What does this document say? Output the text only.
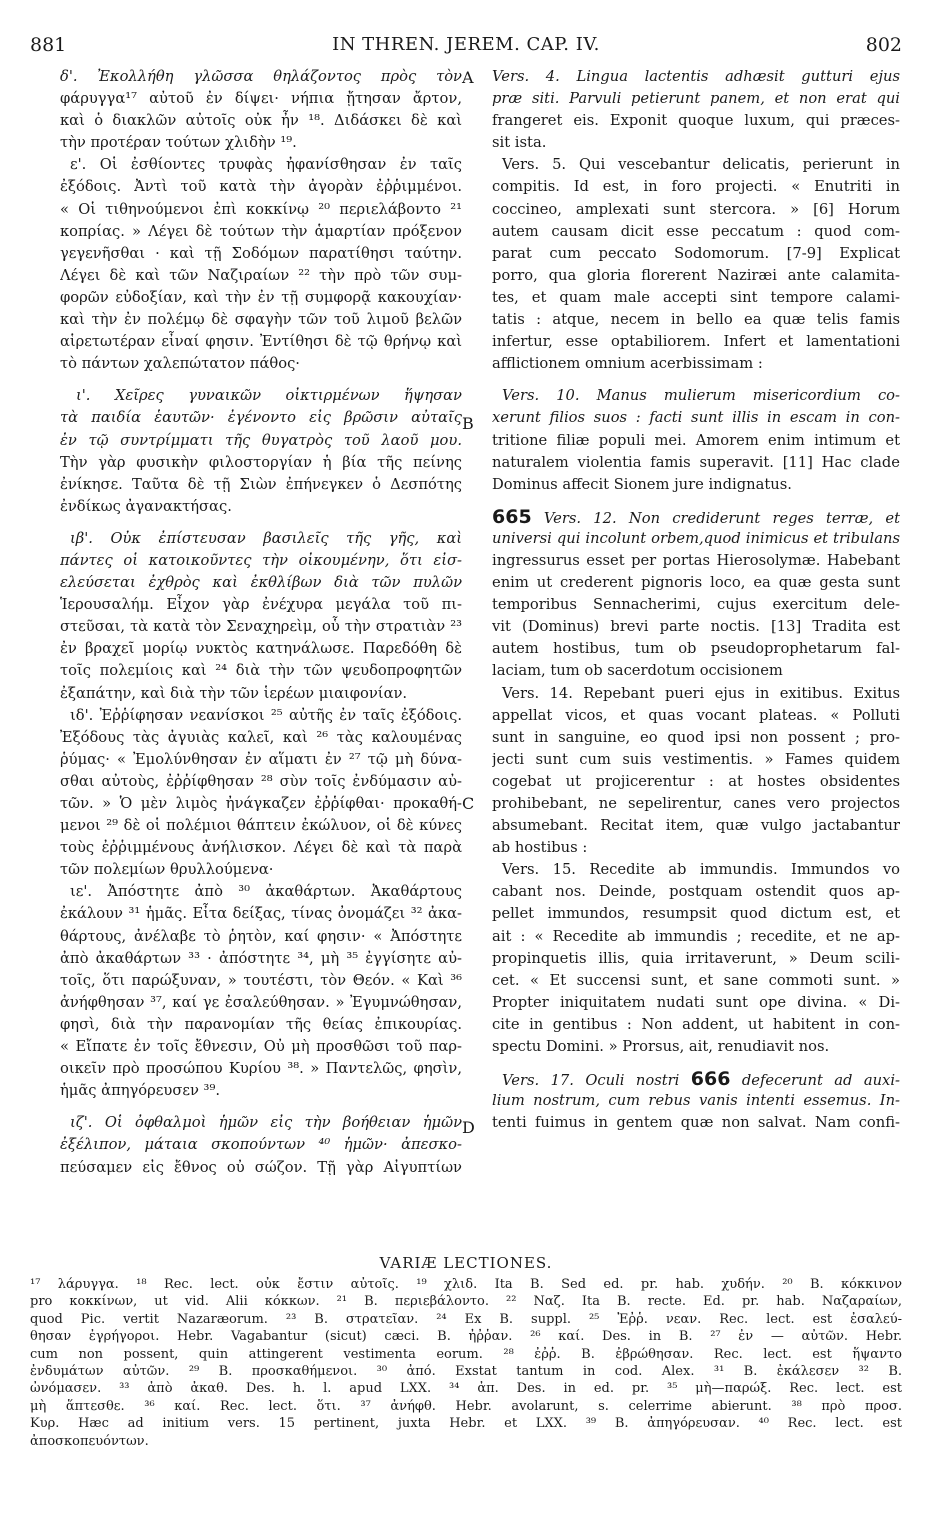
881	IN THREN. JEREM. CAP. IV.	802
A
B
C
D
δ'. Ἐκολλήθη γλῶσσα θηλάζοντος πρὸς τὸν
φάρυγγα¹⁷ αὐτοῦ ἐν δίψει· νήπια ᾔτησαν ἄρτον,
καὶ ὁ διακλῶν αὐτοῖς οὐκ ἦν ¹⁸. Διδάσκει δὲ καὶ
τὴν προτέραν τούτων χλιδὴν ¹⁹.
ε'. Οἱ ἐσθίοντες τρυφὰς ἠφανίσθησαν ἐν ταῖς
ἐξόδοις. Ἀντὶ τοῦ κατὰ τὴν ἀγορὰν ἐῤῥιμμένοι.
« Οἱ τιθηνούμενοι ἐπὶ κοκκίνῳ ²⁰ περιελάβοντο ²¹
κοπρίας. » Λέγει δὲ τούτων τὴν ἁμαρτίαν πρόξενον
γεγενῆσθαι · καὶ τῇ Σοδόμων παρατίθησι ταύτην.
Λέγει δὲ καὶ τῶν Ναζιραίων ²² τὴν πρὸ τῶν συμ-
φορῶν εὐδοξίαν, καὶ τὴν ἐν τῇ συμφορᾷ κακουχίαν·
καὶ τὴν ἐν πολέμῳ δὲ σφαγὴν τῶν τοῦ λιμοῦ βελῶν
αἱρετωτέραν εἶναί φησιν. Ἐντίθησι δὲ τῷ θρήνῳ καὶ
τὸ πάντων χαλεπώτατον πάθος·
ι'. Χεῖρες γυναικῶν οἰκτιρμένων ἥψησαν
τὰ παιδία ἑαυτῶν· ἐγένοντο εἰς βρῶσιν αὐταῖς
ἐν τῷ συντρίμματι τῆς θυγατρὸς τοῦ λαοῦ μου.
Τὴν γὰρ φυσικὴν φιλοστοργίαν ἡ βία τῆς πείνης
ἐνίκησε. Ταῦτα δὲ τῇ Σιὼν ἐπήνεγκεν ὁ Δεσπότης
ἐνδίκως ἀγανακτήσας.
ιβ'. Οὐκ ἐπίστευσαν βασιλεῖς τῆς γῆς, καὶ
πάντες οἱ κατοικοῦντες τὴν οἰκουμένην, ὅτι εἰσ-
ελεύσεται ἐχθρὸς καὶ ἐκθλίβων διὰ τῶν πυλῶν
Ἱερουσαλήμ. Εἶχον γὰρ ἐνέχυρα μεγάλα τοῦ πι-
στεῦσαι, τὰ κατὰ τὸν Σεναχηρεὶμ, οὗ τὴν στρατιὰν ²³
ἐν βραχεῖ μορίῳ νυκτὸς κατηνάλωσε. Παρεδόθη δὲ
τοῖς πολεμίοις καὶ ²⁴ διὰ τὴν τῶν ψευδοπροφητῶν
ἐξαπάτην, καὶ διὰ τὴν τῶν ἱερέων μιαιφονίαν.
ιδ'. Ἐῤῥίφησαν νεανίσκοι ²⁵ αὐτῆς ἐν ταῖς ἐξόδοις.
Ἐξόδους τὰς ἀγυιὰς καλεῖ, καὶ ²⁶ τὰς καλουμένας
ῥύμας· « Ἐμολύνθησαν ἐν αἵματι ἐν ²⁷ τῷ μὴ δύνα-
σθαι αὐτοὺς, ἐῤῥίφθησαν ²⁸ σὺν τοῖς ἐνδύμασιν αὐ-
τῶν. » Ὁ μὲν λιμὸς ἠνάγκαζεν ἐῤῥίφθαι· προκαθή-
μενοι ²⁹ δὲ οἱ πολέμιοι θάπτειν ἐκώλυον, οἱ δὲ κύνες
τοὺς ἐῤῥιμμένους ἀνήλισκον. Λέγει δὲ καὶ τὰ παρὰ
τῶν πολεμίων θρυλλούμενα·
ιε'. Ἀπόστητε ἀπὸ ³⁰ ἀκαθάρτων. Ἀκαθάρτους
ἐκάλουν ³¹ ἡμᾶς. Εἶτα δείξας, τίνας ὀνομάζει ³² ἀκα-
θάρτους, ἀνέλαβε τὸ ῥητὸν, καί φησιν· « Ἀπόστητε
ἀπὸ ἀκαθάρτων ³³ · ἀπόστητε ³⁴, μὴ ³⁵ ἐγγίσητε αὐ-
τοῖς, ὅτι παρώξυναν, » τουτέστι, τὸν Θεόν. « Καὶ ³⁶
ἀνήφθησαν ³⁷, καί γε ἐσαλεύθησαν. » Ἐγυμνώθησαν,
φησὶ, διὰ τὴν παρανομίαν τῆς θείας ἐπικουρίας.
« Εἴπατε ἐν τοῖς ἔθνεσιν, Οὐ μὴ προσθῶσι τοῦ παρ-
οικεῖν πρὸ προσώπου Κυρίου ³⁸. » Παντελῶς, φησὶν,
ἡμᾶς ἀπηγόρευσεν ³⁹.
ιζ'. Οἱ ὀφθαλμοὶ ἡμῶν εἰς τὴν βοήθειαν ἡμῶν
ἐξέλιπον, μάταια σκοπούντων ⁴⁰ ἡμῶν· ἀπεσκο-
πεύσαμεν εἰς ἔθνος οὐ σώζον. Τῇ γὰρ Αἰγυπτίων
Vers. 4. Lingua lactentis adhæsit gutturi ejus
præ siti. Parvuli petierunt panem, et non erat qui
frangeret eis. Exponit quoque luxum, qui præces-
sit ista.
Vers. 5. Qui vescebantur delicatis, perierunt in
compitis. Id est, in foro projecti. « Enutriti in
coccineo, amplexati sunt stercora. » [6] Horum
autem causam dicit esse peccatum : quod com-
parat cum peccato Sodomorum. [7-9] Explicat
porro, qua gloria florerent Naziræi ante calamita-
tes, et quam male accepti sint tempore calami-
tatis : atque, necem in bello ea quæ telis famis
infertur, esse optabiliorem. Infert et lamentationi
afflictionem omnium acerbissimam :
Vers. 10. Manus mulierum misericordium co-
xerunt filios suos : facti sunt illis in escam in con-
tritione filiæ populi mei. Amorem enim intimum et
naturalem violentia famis superavit. [11] Hac clade
Dominus affecit Sionem jure indignatus.
665 Vers. 12. Non crediderunt reges terræ, et
universi qui incolunt orbem,quod inimicus et tribulans
ingressurus esset per portas Hierosolymæ. Habebant
enim ut crederent pignoris loco, ea quæ gesta sunt
temporibus Sennacherimi, cujus exercitum dele-
vit (Dominus) brevi parte noctis. [13] Tradita est
autem hostibus, tum ob pseudoprophetarum fal-
laciam, tum ob sacerdotum occisionem
Vers. 14. Repebant pueri ejus in exitibus. Exitus
appellat vicos, et quas vocant plateas. « Polluti
sunt in sanguine, eo quod ipsi non possent ; pro-
jecti sunt cum suis vestimentis. » Fames quidem
cogebat ut projicerentur : at hostes obsidentes
prohibebant, ne sepelirentur, canes vero projectos
absumebant. Recitat item, quæ vulgo jactabantur
ab hostibus :
Vers. 15. Recedite ab immundis. Immundos vo
cabant nos. Deinde, postquam ostendit quos ap-
pellet immundos, resumpsit quod dictum est, et
ait : « Recedite ab immundis ; recedite, et ne ap-
propinquetis illis, quia irritaverunt, » Deum scili-
cet. « Et succensi sunt, et sane commoti sunt. »
Propter iniquitatem nudati sunt ope divina. « Di-
cite in gentibus : Non addent, ut habitent in con-
spectu Domini. » Prorsus, ait, renudiavit nos.
Vers. 17. Oculi nostri 666 defecerunt ad auxi-
lium nostrum, cum rebus vanis intenti essemus. In-
tenti fuimus in gentem quæ non salvat. Nam confi-
VARIÆ LECTIONES.
¹⁷ λάρυγγα. ¹⁸ Rec. lect. οὐκ ἔστιν αὐτοῖς. ¹⁹ χλιδ. Ita B. Sed ed. pr. hab. χυδήν. ²⁰ B. κόκκινον
pro κοκκίνων, ut vid. Alii κόκκων. ²¹ B. περιεβάλοντο. ²² Ναζ. Ita B. recte. Ed. pr. hab. Ναζαραίων,
quod Pic. vertit Nazaræorum. ²³ B. στρατεῖαν. ²⁴ Ex B. suppl. ²⁵ Ἐῤῥ. νεαν. Rec. lect. est ἐσαλεύ-
θησαν ἐγρήγοροι. Hebr. Vagabantur (sicut) cæci. B. ἠῤῥαν. ²⁶ καί. Des. in B. ²⁷ ἐν — αὐτῶν. Hebr.
cum non possent, quin attingerent vestimenta eorum. ²⁸ ἐῤῥ. B. ἐβρώθησαν. Rec. lect. est ἥψαντο
ἐνδυμάτων αὐτῶν. ²⁹ B. προσκαθήμενοι. ³⁰ ἀπό. Exstat tantum in cod. Alex. ³¹ B. ἐκάλεσεν ³² B.
ὠνόμασεν. ³³ ἀπὸ ἀκαθ. Des. h. l. apud LXX. ³⁴ ἀπ. Des. in ed. pr. ³⁵ μὴ—παρώξ. Rec. lect. est
μὴ ἅπτεσθε. ³⁶ καί. Rec. lect. ὅτι. ³⁷ ἀνήφθ. Hebr. avolarunt, s. celerrime abierunt. ³⁸ πρὸ προσ.
Κυρ. Hæc ad initium vers. 15 pertinent, juxta Hebr. et LXX. ³⁹ B. ἀπηγόρευσαν. ⁴⁰ Rec. lect. est
ἀποσκοπευόντων.
